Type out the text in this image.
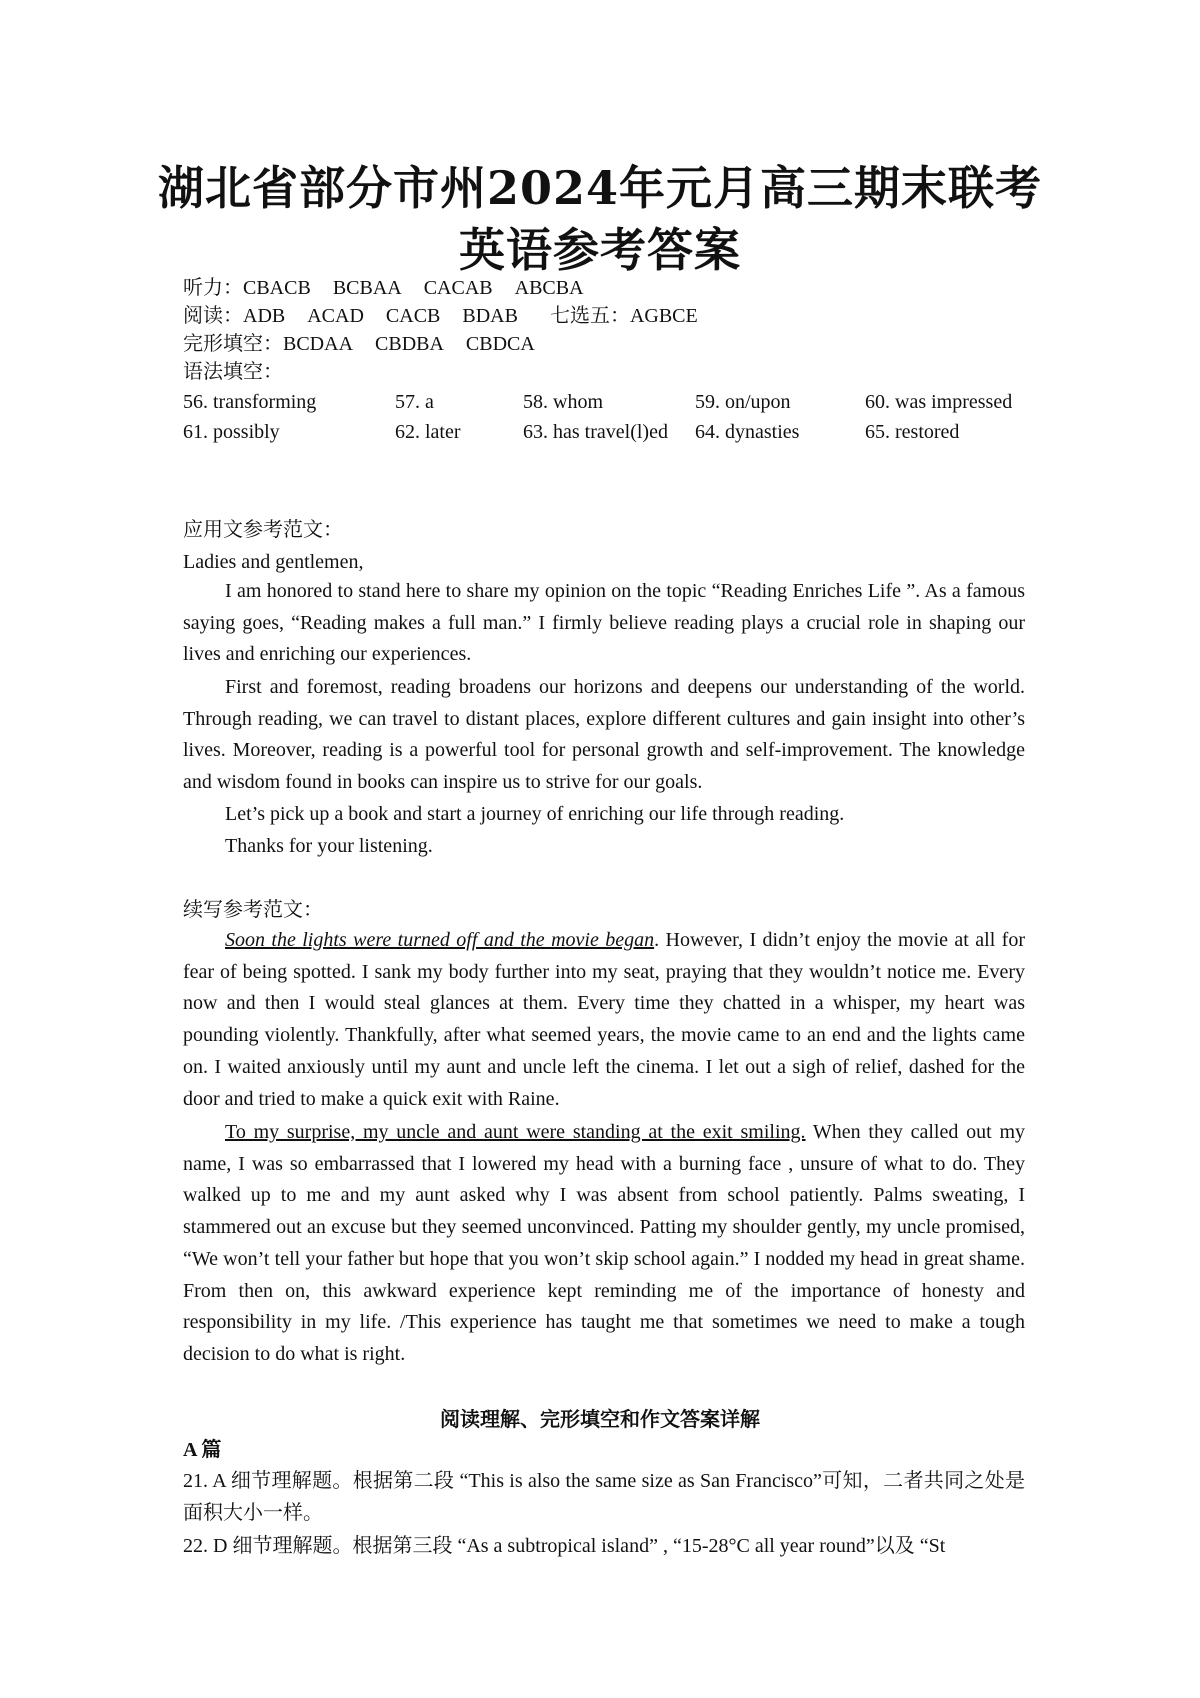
湖北省部分市州2024年元月高三期末联考
英语参考答案
听力：CBACB BCBAA CACAB ABCBA
阅读：ADB ACAD CACB BDAB 七选五：AGBCE
完形填空：BCDAA CBDBA CBDCA
语法填空：
56. transforming	57. a	58. whom	59. on/upon	60. was impressed
61. possibly	62. later	63. has travel(l)ed 64. dynasties	65. restored
应用文参考范文：
Ladies and gentlemen,
I am honored to stand here to share my opinion on the topic “Reading Enriches Life ”. As a famous saying goes, “Reading makes a full man.” I firmly believe reading plays a crucial role in shaping our lives and enriching our experiences.
First and foremost, reading broadens our horizons and deepens our understanding of the world. Through reading, we can travel to distant places, explore different cultures and gain insight into other’s lives. Moreover, reading is a powerful tool for personal growth and self-improvement. The knowledge and wisdom found in books can inspire us to strive for our goals.
Let’s pick up a book and start a journey of enriching our life through reading.
Thanks for your listening.
续写参考范文：
Soon the lights were turned off and the movie began. However, I didn’t enjoy the movie at all for fear of being spotted. I sank my body further into my seat, praying that they wouldn’t notice me. Every now and then I would steal glances at them. Every time they chatted in a whisper, my heart was pounding violently. Thankfully, after what seemed years, the movie came to an end and the lights came on. I waited anxiously until my aunt and uncle left the cinema. I let out a sigh of relief, dashed for the door and tried to make a quick exit with Raine.
To my surprise, my uncle and aunt were standing at the exit smiling. When they called out my name, I was so embarrassed that I lowered my head with a burning face , unsure of what to do. They walked up to me and my aunt asked why I was absent from school patiently. Palms sweating, I stammered out an excuse but they seemed unconvinced. Patting my shoulder gently, my uncle promised, “We won’t tell your father but hope that you won’t skip school again.” I nodded my head in great shame. From then on, this awkward experience kept reminding me of the importance of honesty and responsibility in my life. /This experience has taught me that sometimes we need to make a tough decision to do what is right.
阅读理解、完形填空和作文答案详解
A 篇
21. A 细节理解题。根据第二段 “This is also the same size as San Francisco”可知，二者共同之处是面积大小一样。
22. D 细节理解题。根据第三段 “As a subtropical island” , “15-28°C all year round”以及 “St
